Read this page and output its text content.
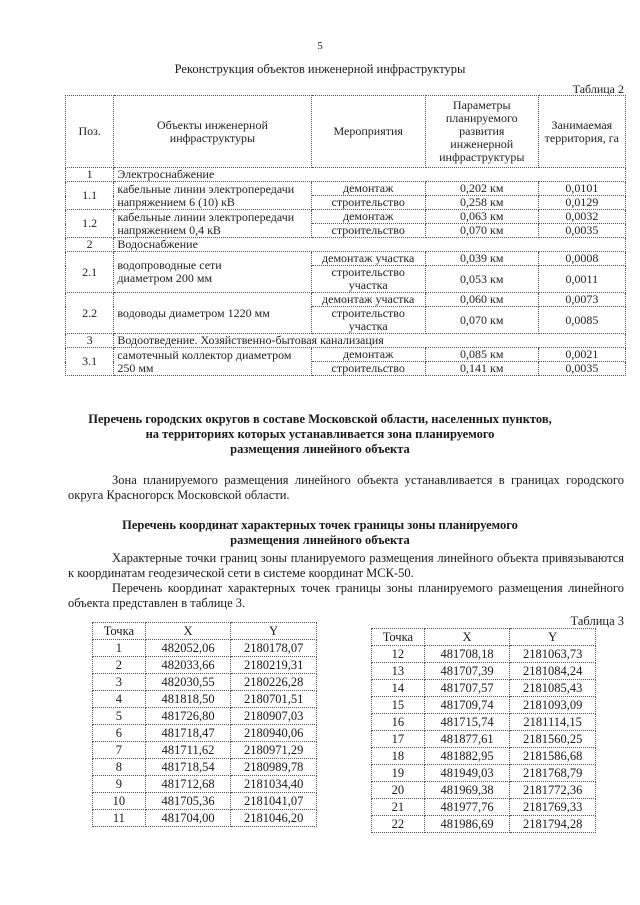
5
Реконструкция объектов инженерной инфраструктуры
Таблица 2
Поз.	Объекты инженерной инфраструктуры	Мероприятия	Параметры планируемого развития инженерной инфраструктуры	Занимаемая территория, га
1	Электроснабжение			
1.1	кабельные линии электропередачи напряжением 6 (10) кВ	демонтаж	0,202 км	0,0101
		строительство	0,258 км	0,0129
1.2	кабельные линии электропередачи напряжением 0,4 кВ	демонтаж	0,063 км	0,0032
		строительство	0,070 км	0,0035
2	Водоснабжение			
2.1	водопроводные сети диаметром 200 мм	демонтаж участка	0,039 км	0,0008
		строительство участка	0,053 км	0,0011
2.2	водоводы диаметром 1220 мм	демонтаж участка	0,060 км	0,0073
		строительство участка	0,070 км	0,0085
3	Водоотведение. Хозяйственно-бытовая канализация			
3.1	самотечный коллектор диаметром 250 мм	демонтаж	0,085 км	0,0021
		строительство	0,141 км	0,0035
Перечень городских округов в составе Московской области, населенных пунктов,
на территориях которых устанавливается зона планируемого
размещения линейного объекта
Зона планируемого размещения линейного объекта устанавливается в границах городского округа Красногорск Московской области.
Перечень координат характерных точек границы зоны планируемого
размещения линейного объекта
Характерные точки границ зоны планируемого размещения линейного объекта привязываются к координатам геодезической сети в системе координат МСК-50.
Перечень координат характерных точек границы зоны планируемого размещения линейного объекта представлен в таблице 3.
Таблица 3
Точка	X	Y
1	482052,06	2180178,07
2	482033,66	2180219,31
3	482030,55	2180226,28
4	481818,50	2180701,51
5	481726,80	2180907,03
6	481718,47	2180940,06
7	481711,62	2180971,29
8	481718,54	2180989,78
9	481712,68	2181034,40
10	481705,36	2181041,07
11	481704,00	2181046,20
Точка	X	Y
12	481708,18	2181063,73
13	481707,39	2181084,24
14	481707,57	2181085,43
15	481709,74	2181093,09
16	481715,74	2181114,15
17	481877,61	2181560,25
18	481882,95	2181586,68
19	481949,03	2181768,79
20	481969,38	2181772,36
21	481977,76	2181769,33
22	481986,69	2181794,28
